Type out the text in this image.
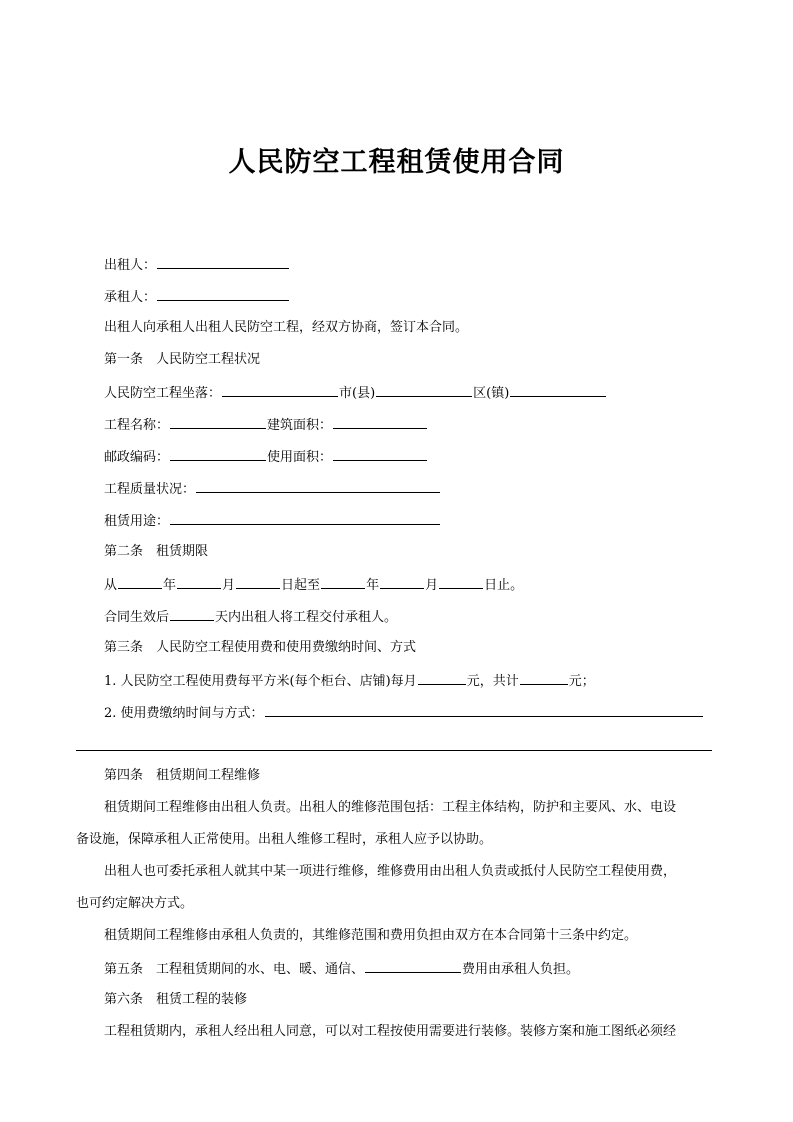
人民防空工程租赁使用合同
出租人：
承租人：
出租人向承租人出租人民防空工程，经双方协商，签订本合同。
第一条　人民防空工程状况
人民防空工程坐落：	市(县)	区(镇)
工程名称：	建筑面积：
邮政编码：	使用面积：
工程质量状况：
租赁用途：
第二条　租赁期限
从	年	月	日起至	年	月	日止。
合同生效后	天内出租人将工程交付承租人。
第三条　人民防空工程使用费和使用费缴纳时间、方式
1. 人民防空工程使用费每平方米(每个柜台、店铺)每月	元，共计	元；
2. 使用费缴纳时间与方式：
第四条　租赁期间工程维修
租赁期间工程维修由出租人负责。出租人的维修范围包括：工程主体结构，防护和主要风、水、电设
备设施，保障承租人正常使用。出租人维修工程时，承租人应予以协助。
出租人也可委托承租人就其中某一项进行维修，维修费用由出租人负责或抵付人民防空工程使用费，
也可约定解决方式。
租赁期间工程维修由承租人负责的，其维修范围和费用负担由双方在本合同第十三条中约定。
第五条　工程租赁期间的水、电、暖、通信、	费用由承租人负担。
第六条　租赁工程的装修
工程租赁期内，承租人经出租人同意，可以对工程按使用需要进行装修。装修方案和施工图纸必须经
